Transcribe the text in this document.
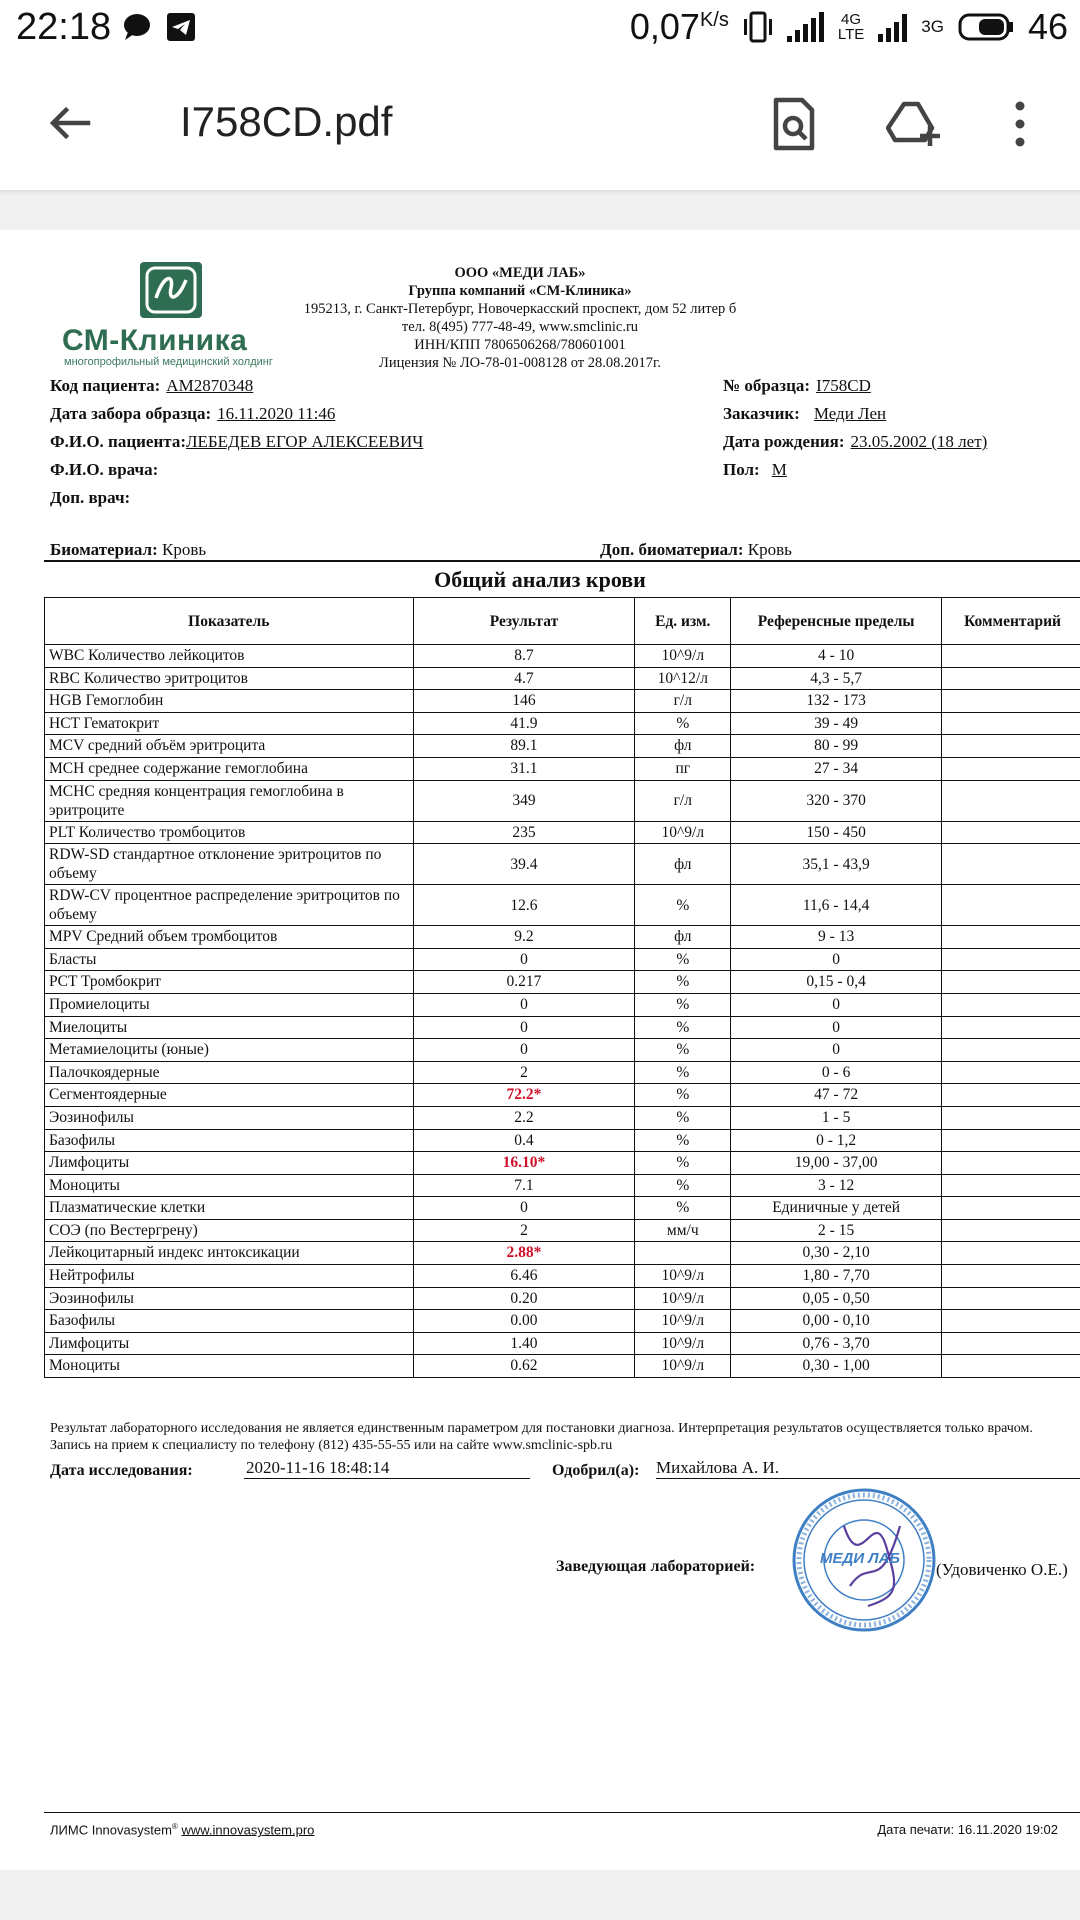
22:18	$0,07^{K/s}$	4G
LTE	3G 46
I758CD.pdf
СМ-Клиника
многопрофильный медицинский холдинг
ООО «МЕДИ ЛАБ»
Группа компаний «СМ-Клиника»
195213, г. Санкт-Петербург, Новочеркасский проспект, дом 52 литер б
тел. 8(495) 777-48-49, www.smclinic.ru
ИНН/КПП 7806506268/780601001
Лицензия № ЛО-78-01-008128 от 28.08.2017г.
Код пациента: АМ2870348
Дата забора образца: 16.11.2020 11:46
Ф.И.О. пациента:ЛЕБЕДЕВ ЕГОР АЛЕКСЕЕВИЧ
Ф.И.О. врача:
Доп. врач:
№ образца: I758CD
Заказчик: Меди Лен
Дата рождения: 23.05.2002 (18 лет)
Пол: М
Биоматериал: Кровь	Доп. биоматериал: Кровь
Общий анализ крови
Показатель	Результат	Ед. изм.	Референсные пределы	Комментарий
WBC Количество лейкоцитов	8.7	10^9/л	4 - 10	
RBC Количество эритроцитов	4.7	10^12/л	4,3 - 5,7	
HGB Гемоглобин	146	г/л	132 - 173	
HCT Гематокрит	41.9	%	39 - 49	
MCV средний объём эритроцита	89.1	фл	80 - 99	
MCH среднее содержание гемоглобина	31.1	пг	27 - 34	
MCHC средняя концентрация гемоглобина в эритроците	349	г/л	320 - 370	
PLT Количество тромбоцитов	235	10^9/л	150 - 450	
RDW-SD стандартное отклонение эритроцитов по объему	39.4	фл	35,1 - 43,9	
RDW-CV процентное распределение эритроцитов по объему	12.6	%	11,6 - 14,4	
MPV Средний объем тромбоцитов	9.2	фл	9 - 13	
Бласты	0	%	0	
PCT Тромбокрит	0.217	%	0,15 - 0,4	
Промиелоциты	0	%	0	
Миелоциты	0	%	0	
Метамиелоциты (юные)	0	%	0	
Палочкоядерные	2	%	0 - 6	
Сегментоядерные	72.2*	%	47 - 72	
Эозинофилы	2.2	%	1 - 5	
Базофилы	0.4	%	0 - 1,2	
Лимфоциты	16.10*	%	19,00 - 37,00	
Моноциты	7.1	%	3 - 12	
Плазматические клетки	0	%	Единичные у детей	
СОЭ (по Вестергрену)	2	мм/ч	2 - 15	
Лейкоцитарный индекс интоксикации	2.88*		0,30 - 2,10	
Нейтрофилы	6.46	10^9/л	1,80 - 7,70	
Эозинофилы	0.20	10^9/л	0,05 - 0,50	
Базофилы	0.00	10^9/л	0,00 - 0,10	
Лимфоциты	1.40	10^9/л	0,76 - 3,70	
Моноциты	0.62	10^9/л	0,30 - 1,00	
Результат лабораторного исследования не является единственным параметром для постановки диагноза. Интерпретация результатов осуществляется только врачом. Запись на прием к специалисту по телефону (812) 435-55-55 или на сайте www.smclinic-spb.ru
Дата исследования:	2020-11-16 18:48:14	Одобрил(а): Михайлова А. И.
Заведующая лабораторией:	МЕДИ ЛАБ
(Удовиченко О.Е.)
ЛИМС Innovasystem® www.innovasystem.pro	Дата печати: 16.11.2020 19:02
